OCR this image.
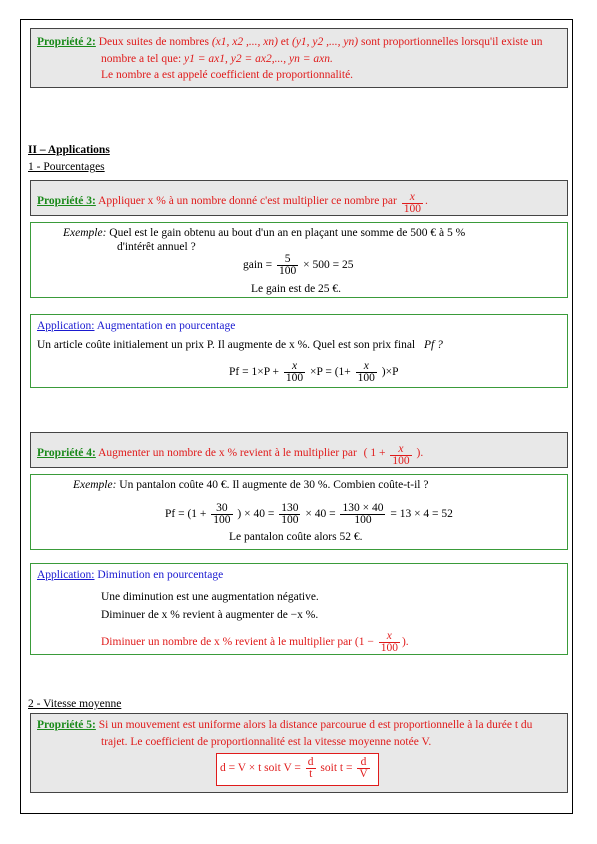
Propriété 2: Deux suites de nombres (x1, x2 ,..., xn) et (y1, y2 ,..., yn) sont proportionnelles lorsqu'il existe un
nombre a tel que: y1 = ax1, y2 = ax2,..., yn = axn.
Le nombre a est appelé coefficient de proportionnalité.
II – Applications
1 - Pourcentages
Propriété 3: Appliquer x % à un nombre donné c'est multiplier ce nombre par $\frac{x}{100}$ .
Exemple: Quel est le gain obtenu au bout d'un an en plaçant une somme de 500 € à 5 %
d'intérêt annuel ?
gain = $\frac{5}{100} \times 500 = 25$
Le gain est de 25 €.
Application: Augmentation en pourcentage
Un article coûte initialement un prix P. Il augmente de x %. Quel est son prix final Pf ?
$Pf = 1\times P + \frac{x}{100} \times P = (1+ \frac{x}{100} )\times P$
Propriété 4: Augmenter un nombre de x % revient à le multiplier par ( $1 + \frac{x}{100}$ ).
Exemple: Un pantalon coûte 40 €. Il augmente de 30 %. Combien coûte-t-il ?
$Pf = (1 + \frac{30}{100}$ ) × $40 = \frac{130}{100} \times 40 = \frac{130 \times 40}{100} = 13 \times 4 = 52$
Le pantalon coûte alors 52 €.
Application: Diminution en pourcentage
Une diminution est une augmentation négative.
Diminuer de x % revient à augmenter de −x %.
Diminuer un nombre de x % revient à le multiplier par ($1 - \frac{x}{100}$ ).
2 - Vitesse moyenne
Propriété 5: Si un mouvement est uniforme alors la distance parcourue d est proportionnelle à la durée t du
trajet. Le coefficient de proportionnalité est la vitesse moyenne notée V.
d = V × t soit $V = \frac{d}{t}$ soit $t = \frac{d}{V}$
